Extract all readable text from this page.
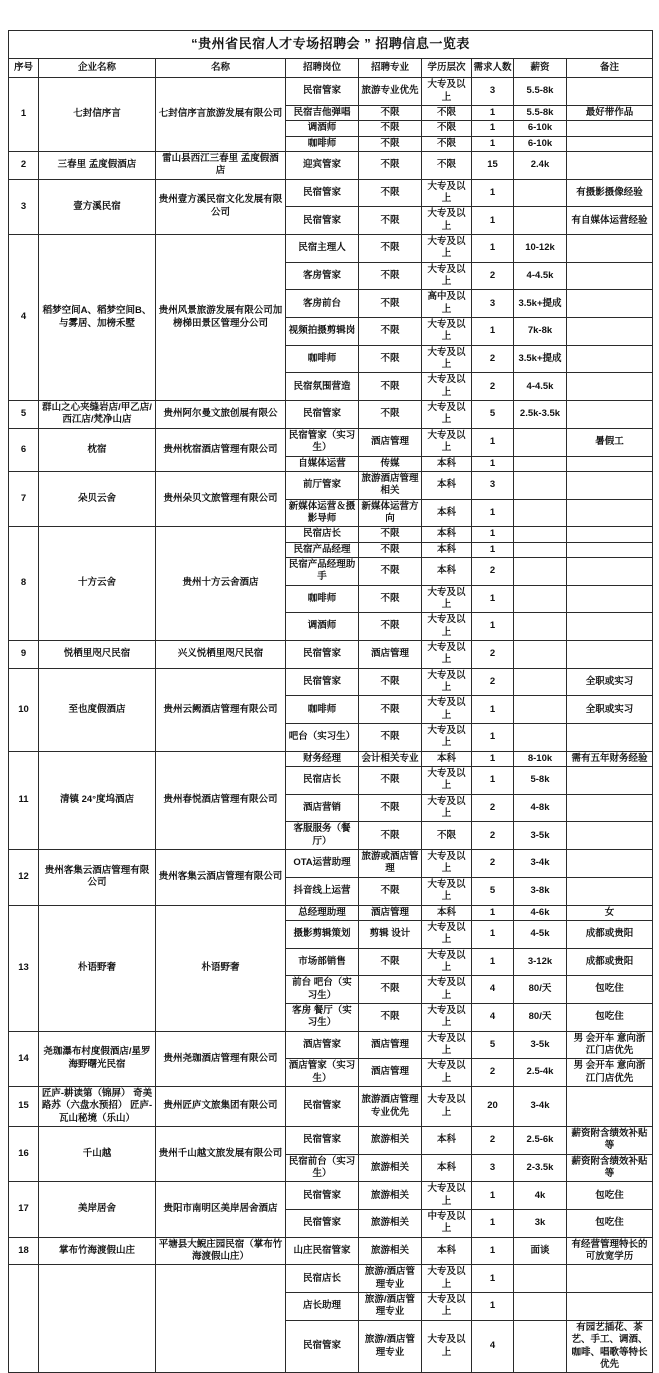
“贵州省民宿人才专场招聘会 ” 招聘信息一览表								
序号	企业名称	名称	招聘岗位	招聘专业	学历层次	需求人数	薪资	备注
1	七封信序言	七封信序言旅游发展有限公司	民宿管家	旅游专业优先	大专及以上	3	5.5-8k	
			民宿吉他弹唱	不限	不限	1	5.5-8k	最好带作品
			调酒师	不限	不限	1	6-10k	
			咖啡师	不限	不限	1	6-10k	
2	三春里 孟度假酒店	雷山县西江三春里 孟度假酒店	迎宾管家	不限	不限	15	2.4k	
3	壹方溪民宿	贵州壹方溪民宿文化发展有限公司	民宿管家	不限	大专及以上	1		有摄影摄像经验
			民宿管家	不限	大专及以上	1		有自媒体运营经验
4	稻梦空间A、稻梦空间B、与雾居、加榜禾墅	贵州风景旅游发展有限公司加榜梯田景区管理分公司	民宿主理人	不限	大专及以上	1	10-12k	
			客房管家	不限	大专及以上	2	4-4.5k	
			客房前台	不限	高中及以上	3	3.5k+提成	
			视频拍摄剪辑岗	不限	大专及以上	1	7k-8k	
			咖啡师	不限	大专及以上	2	3.5k+提成	
			民宿氛围营造	不限	大专及以上	2	4-4.5k	
5	群山之心夹缝岩店/甲乙店/西江店/梵净山店	贵州阿尔曼文旅创展有限公	民宿管家	不限	大专及以上	5	2.5k-3.5k	
6	枕宿	贵州枕宿酒店管理有限公司	民宿管家（实习生）	酒店管理	大专及以上	1		暑假工
			自媒体运营	传媒	本科	1		
7	朵贝云舍	贵州朵贝文旅管理有限公司	前厅管家	旅游酒店管理相关	本科	3		
			新媒体运营＆摄影导师	新媒体运营方向	本科	1		
8	十方云舍	贵州十方云舍酒店	民宿店长	不限	本科	1		
			民宿产品经理	不限	本科	1		
			民宿产品经理助手	不限	本科	2		
			咖啡师	不限	大专及以上	1		
			调酒师	不限	大专及以上	1		
9	悦栖里咫尺民宿	兴义悦栖里咫尺民宿	民宿管家	酒店管理	大专及以上	2		
10	至也度假酒店	贵州云阙酒店管理有限公司	民宿管家	不限	大专及以上	2		全职或实习
			咖啡师	不限	大专及以上	1		全职或实习
			吧台（实习生）	不限	大专及以上	1		
11	清镇 24°度坞酒店	贵州春悦酒店管理有限公司	财务经理	会计相关专业	本科	1	8-10k	需有五年财务经验
			民宿店长	不限	大专及以上	1	5-8k	
			酒店营销	不限	大专及以上	2	4-8k	
			客服服务（餐厅）	不限	不限	2	3-5k	
12	贵州客集云酒店管理有限公司	贵州客集云酒店管理有限公司	OTA运营助理	旅游或酒店管理	大专及以上	2	3-4k	
			抖音线上运营	不限	大专及以上	5	3-8k	
13	朴语野奢	朴语野奢	总经理助理	酒店管理	本科	1	4-6k	女
			摄影剪辑策划	剪辑 设计	大专及以上	1	4-5k	成都或贵阳
			市场部销售	不限	大专及以上	1	3-12k	成都或贵阳
			前台 吧台（实习生）	不限	大专及以上	4	80/天	包吃住
			客房 餐厅（实习生）	不限	大专及以上	4	80/天	包吃住
14	尧珈瀑布村度假酒店/星罗海野曙光民宿	贵州尧珈酒店管理有限公司	酒店管家	酒店管理	大专及以上	5	3-5k	男 会开车 意向浙江门店优先
			酒店管家（实习生）	酒店管理	大专及以上	2	2.5-4k	男 会开车 意向浙江门店优先
15	匠庐-耕读第（锦屏） 奇美路苏（六盘水预招） 匠庐-瓦山秘境（乐山）	贵州匠庐文旅集团有限公司	民宿管家	旅游酒店管理专业优先	大专及以上	20	3-4k	
16	千山越	贵州千山越文旅发展有限公司	民宿管家	旅游相关	本科	2	2.5-6k	薪资附含绩效补贴等
			民宿前台（实习生）	旅游相关	本科	3	2-3.5k	薪资附含绩效补贴等
17	美岸居舍	贵阳市南明区美岸居舍酒店	民宿管家	旅游相关	大专及以上	1	4k	包吃住
			民宿管家	旅游相关	中专及以上	1	3k	包吃住
18	掌布竹海渡假山庄	平塘县大鲵庄园民宿（掌布竹海渡假山庄）	山庄民宿管家	旅游相关	本科	1	面谈	有经营管理特长的可放宽学历
			民宿店长	旅游/酒店管理专业	大专及以上	1		
			店长助理	旅游/酒店管理专业	大专及以上	1		
			民宿管家	旅游/酒店管理专业	大专及以上	4		有园艺插花、茶艺、手工、调酒、咖啡、唱歌等特长优先
